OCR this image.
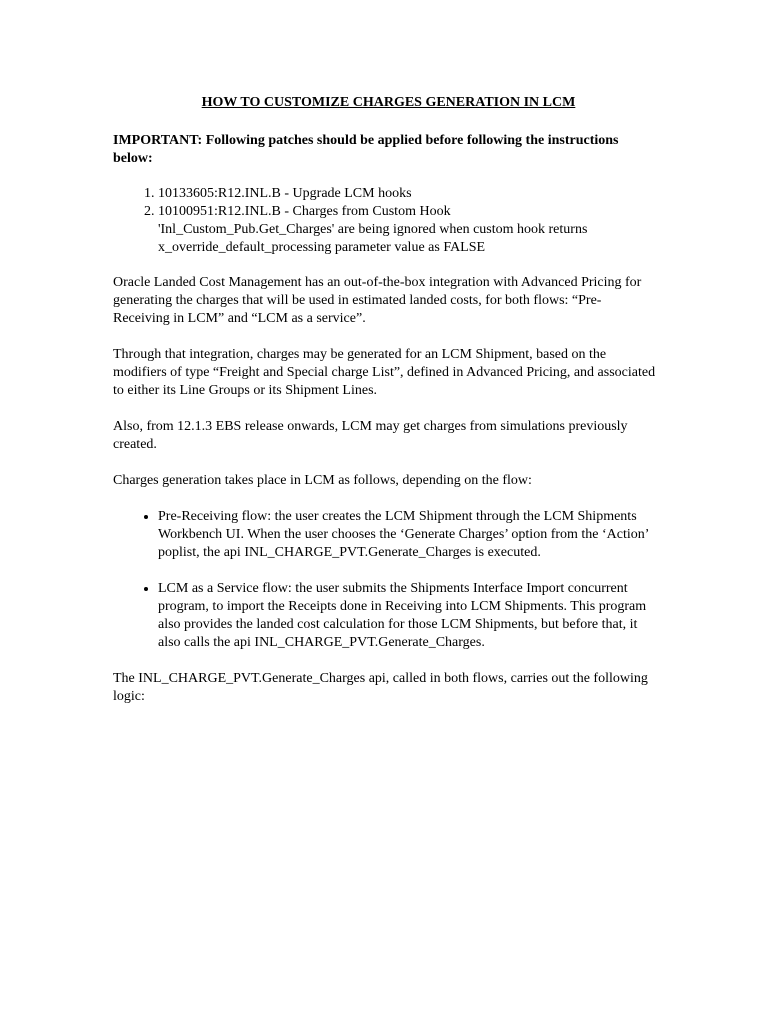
HOW TO CUSTOMIZE CHARGES GENERATION IN LCM
IMPORTANT: Following patches should be applied before following the instructions below:
1. 10133605:R12.INL.B - Upgrade LCM hooks
2. 10100951:R12.INL.B - Charges from Custom Hook
'Inl_Custom_Pub.Get_Charges' are being ignored when custom hook returns x_override_default_processing parameter value as FALSE

Oracle Landed Cost Management has an out-of-the-box integration with Advanced Pricing for generating the charges that will be used in estimated landed costs, for both flows: “Pre-Receiving in LCM” and “LCM as a service”.

Through that integration, charges may be generated for an LCM Shipment, based on the modifiers of type “Freight and Special charge List”, defined in Advanced Pricing, and associated to either its Line Groups or its Shipment Lines.

Also, from 12.1.3 EBS release onwards, LCM may get charges from simulations previously created.

Charges generation takes place in LCM as follows, depending on the flow:

• Pre-Receiving flow: the user creates the LCM Shipment through the LCM Shipments Workbench UI. When the user chooses the ‘Generate Charges’ option from the ‘Action’ poplist, the api INL_CHARGE_PVT.Generate_Charges is executed.
• LCM as a Service flow: the user submits the Shipments Interface Import concurrent program, to import the Receipts done in Receiving into LCM Shipments. This program also provides the landed cost calculation for those LCM Shipments, but before that, it also calls the api INL_CHARGE_PVT.Generate_Charges.

The INL_CHARGE_PVT.Generate_Charges api, called in both flows, carries out the following logic:
